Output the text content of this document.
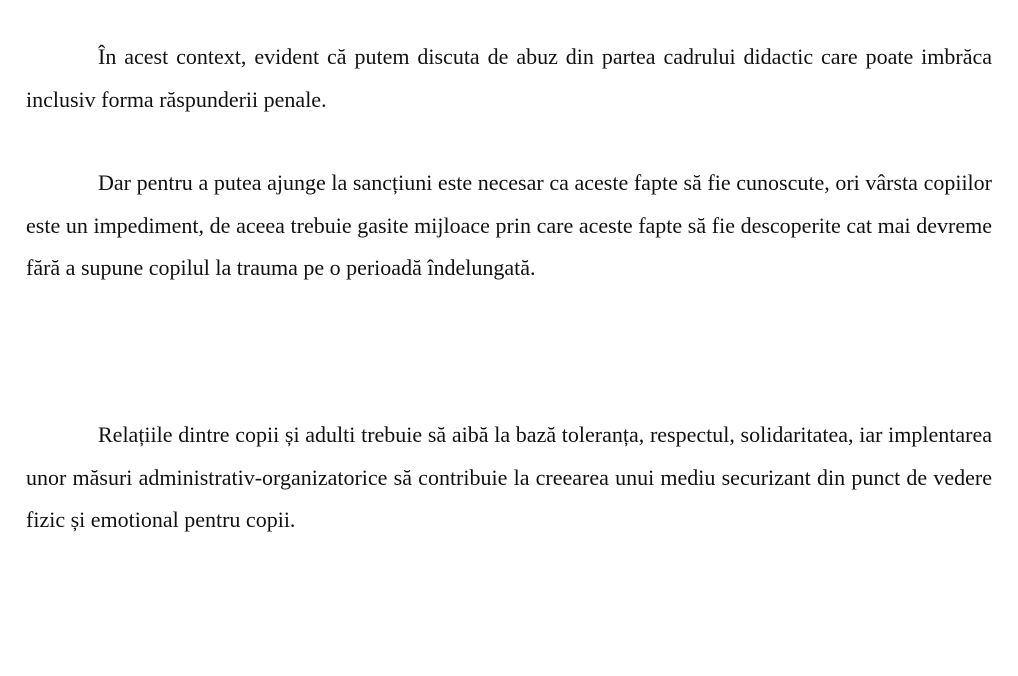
În acest context, evident că putem discuta de abuz din partea cadrului didactic care poate imbrăca inclusiv forma răspunderii penale.

Dar pentru a putea ajunge la sancțiuni este necesar ca aceste fapte să fie cunoscute, ori vârsta copiilor este un impediment, de aceea trebuie gasite mijloace prin care aceste fapte să fie descoperite cat mai devreme fără a supune copilul la trauma pe o perioadă îndelungată.

Relațiile dintre copii și adulti trebuie să aibă la bază toleranța, respectul, solidaritatea, iar implentarea unor măsuri administrativ-organizatorice să contribuie la creearea unui mediu securizant din punct de vedere fizic și emotional pentru copii.
